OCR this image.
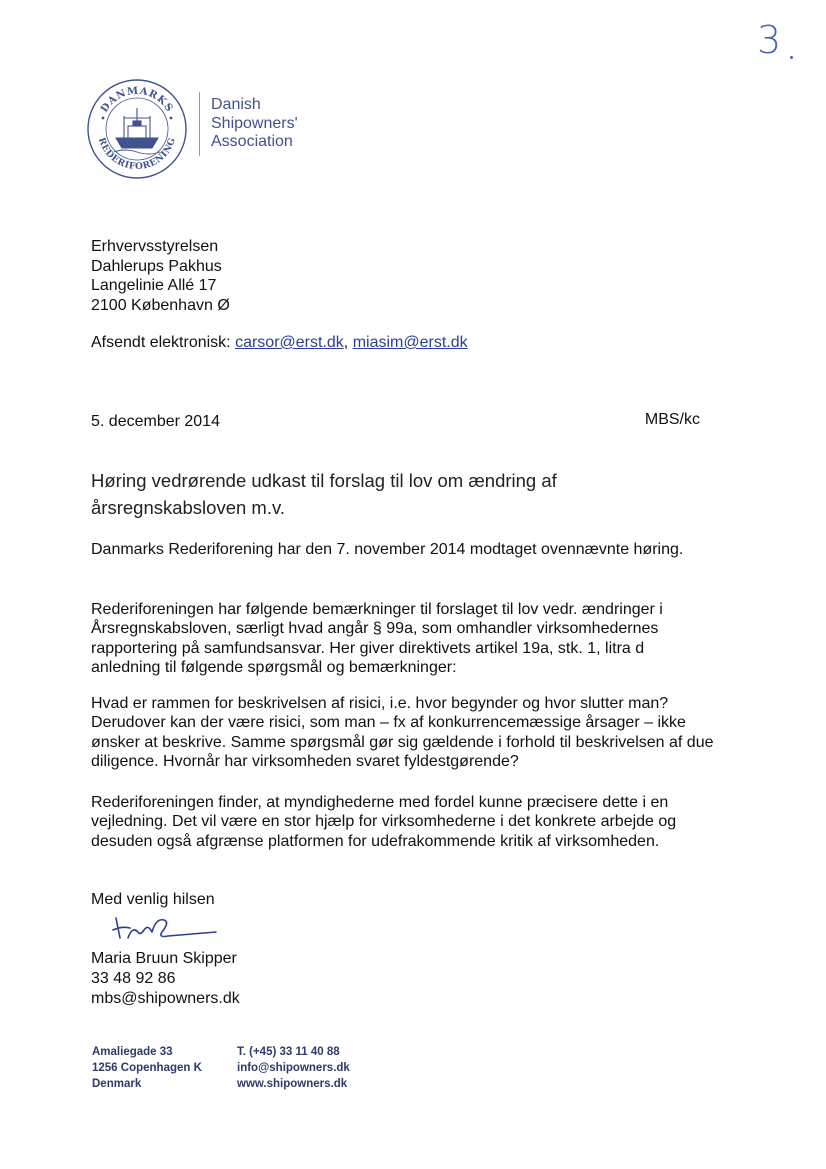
3
DANMARKS
REDERIFORENING
Danish
Shipowners'
Association
Erhvervsstyrelsen
Dahlerups Pakhus
Langelinie Allé 17
2100 København Ø
Afsendt elektronisk: carsor@erst.dk, miasim@erst.dk
5. december 2014	MBS/kc
Høring vedrørende udkast til forslag til lov om ændring af årsregnskabsloven m.v.

Danmarks Rederiforening har den 7. november 2014 modtaget ovennævnte høring.

Rederiforeningen har følgende bemærkninger til forslaget til lov vedr. ændringer i Årsregnskabsloven, særligt hvad angår § 99a, som omhandler virksomhedernes rapportering på samfundsansvar. Her giver direktivets artikel 19a, stk. 1, litra d anledning til følgende spørgsmål og bemærkninger:

Hvad er rammen for beskrivelsen af risici, i.e. hvor begynder og hvor slutter man? Derudover kan der være risici, som man – fx af konkurrencemæssige årsager – ikke ønsker at beskrive. Samme spørgsmål gør sig gældende i forhold til beskrivelsen af due diligence. Hvornår har virksomheden svaret fyldestgørende?

Rederiforeningen finder, at myndighederne med fordel kunne præcisere dette i en vejledning. Det vil være en stor hjælp for virksomhederne i det konkrete arbejde og desuden også afgrænse platformen for udefrakommende kritik af virksomheden.

Med venlig hilsen
Maria Bruun Skipper
33 48 92 86
mbs@shipowners.dk
Amaliegade 33
1256 Copenhagen K
Denmark
T. (+45) 33 11 40 88
info@shipowners.dk
www.shipowners.dk
